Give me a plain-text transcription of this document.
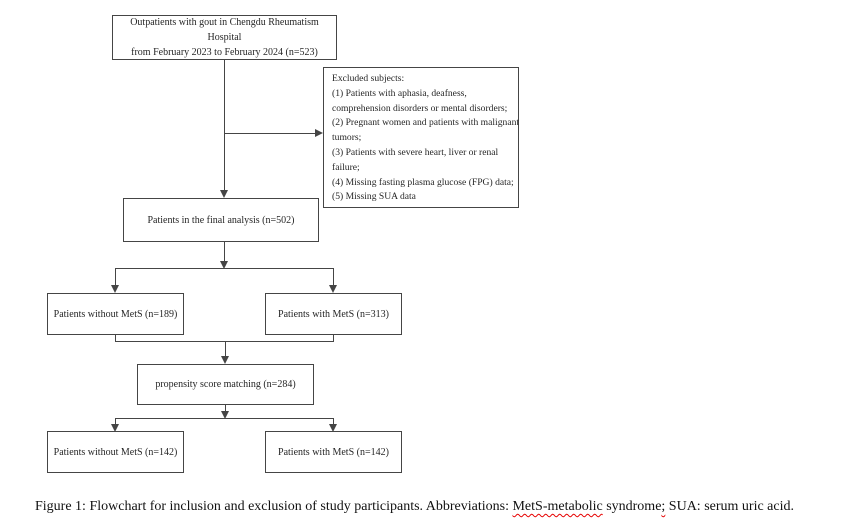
Outpatients with gout in Chengdu Rheumatism Hospital
from February 2023 to February 2024 (n=523)
Excluded subjects:
(1) Patients with aphasia, deafness,
comprehension disorders or mental disorders;
(2) Pregnant women and patients with malignant
tumors;
(3) Patients with severe heart, liver or renal
failure;
(4) Missing fasting plasma glucose (FPG) data;
(5) Missing SUA data
Patients in the final analysis (n=502)
Patients without MetS (n=189)	Patients with MetS (n=313)
propensity score matching (n=284)
Patients without MetS (n=142)	Patients with MetS (n=142)
Figure 1: Flowchart for inclusion and exclusion of study participants. Abbreviations: MetS-metabolic syndrome; SUA: serum uric acid.
